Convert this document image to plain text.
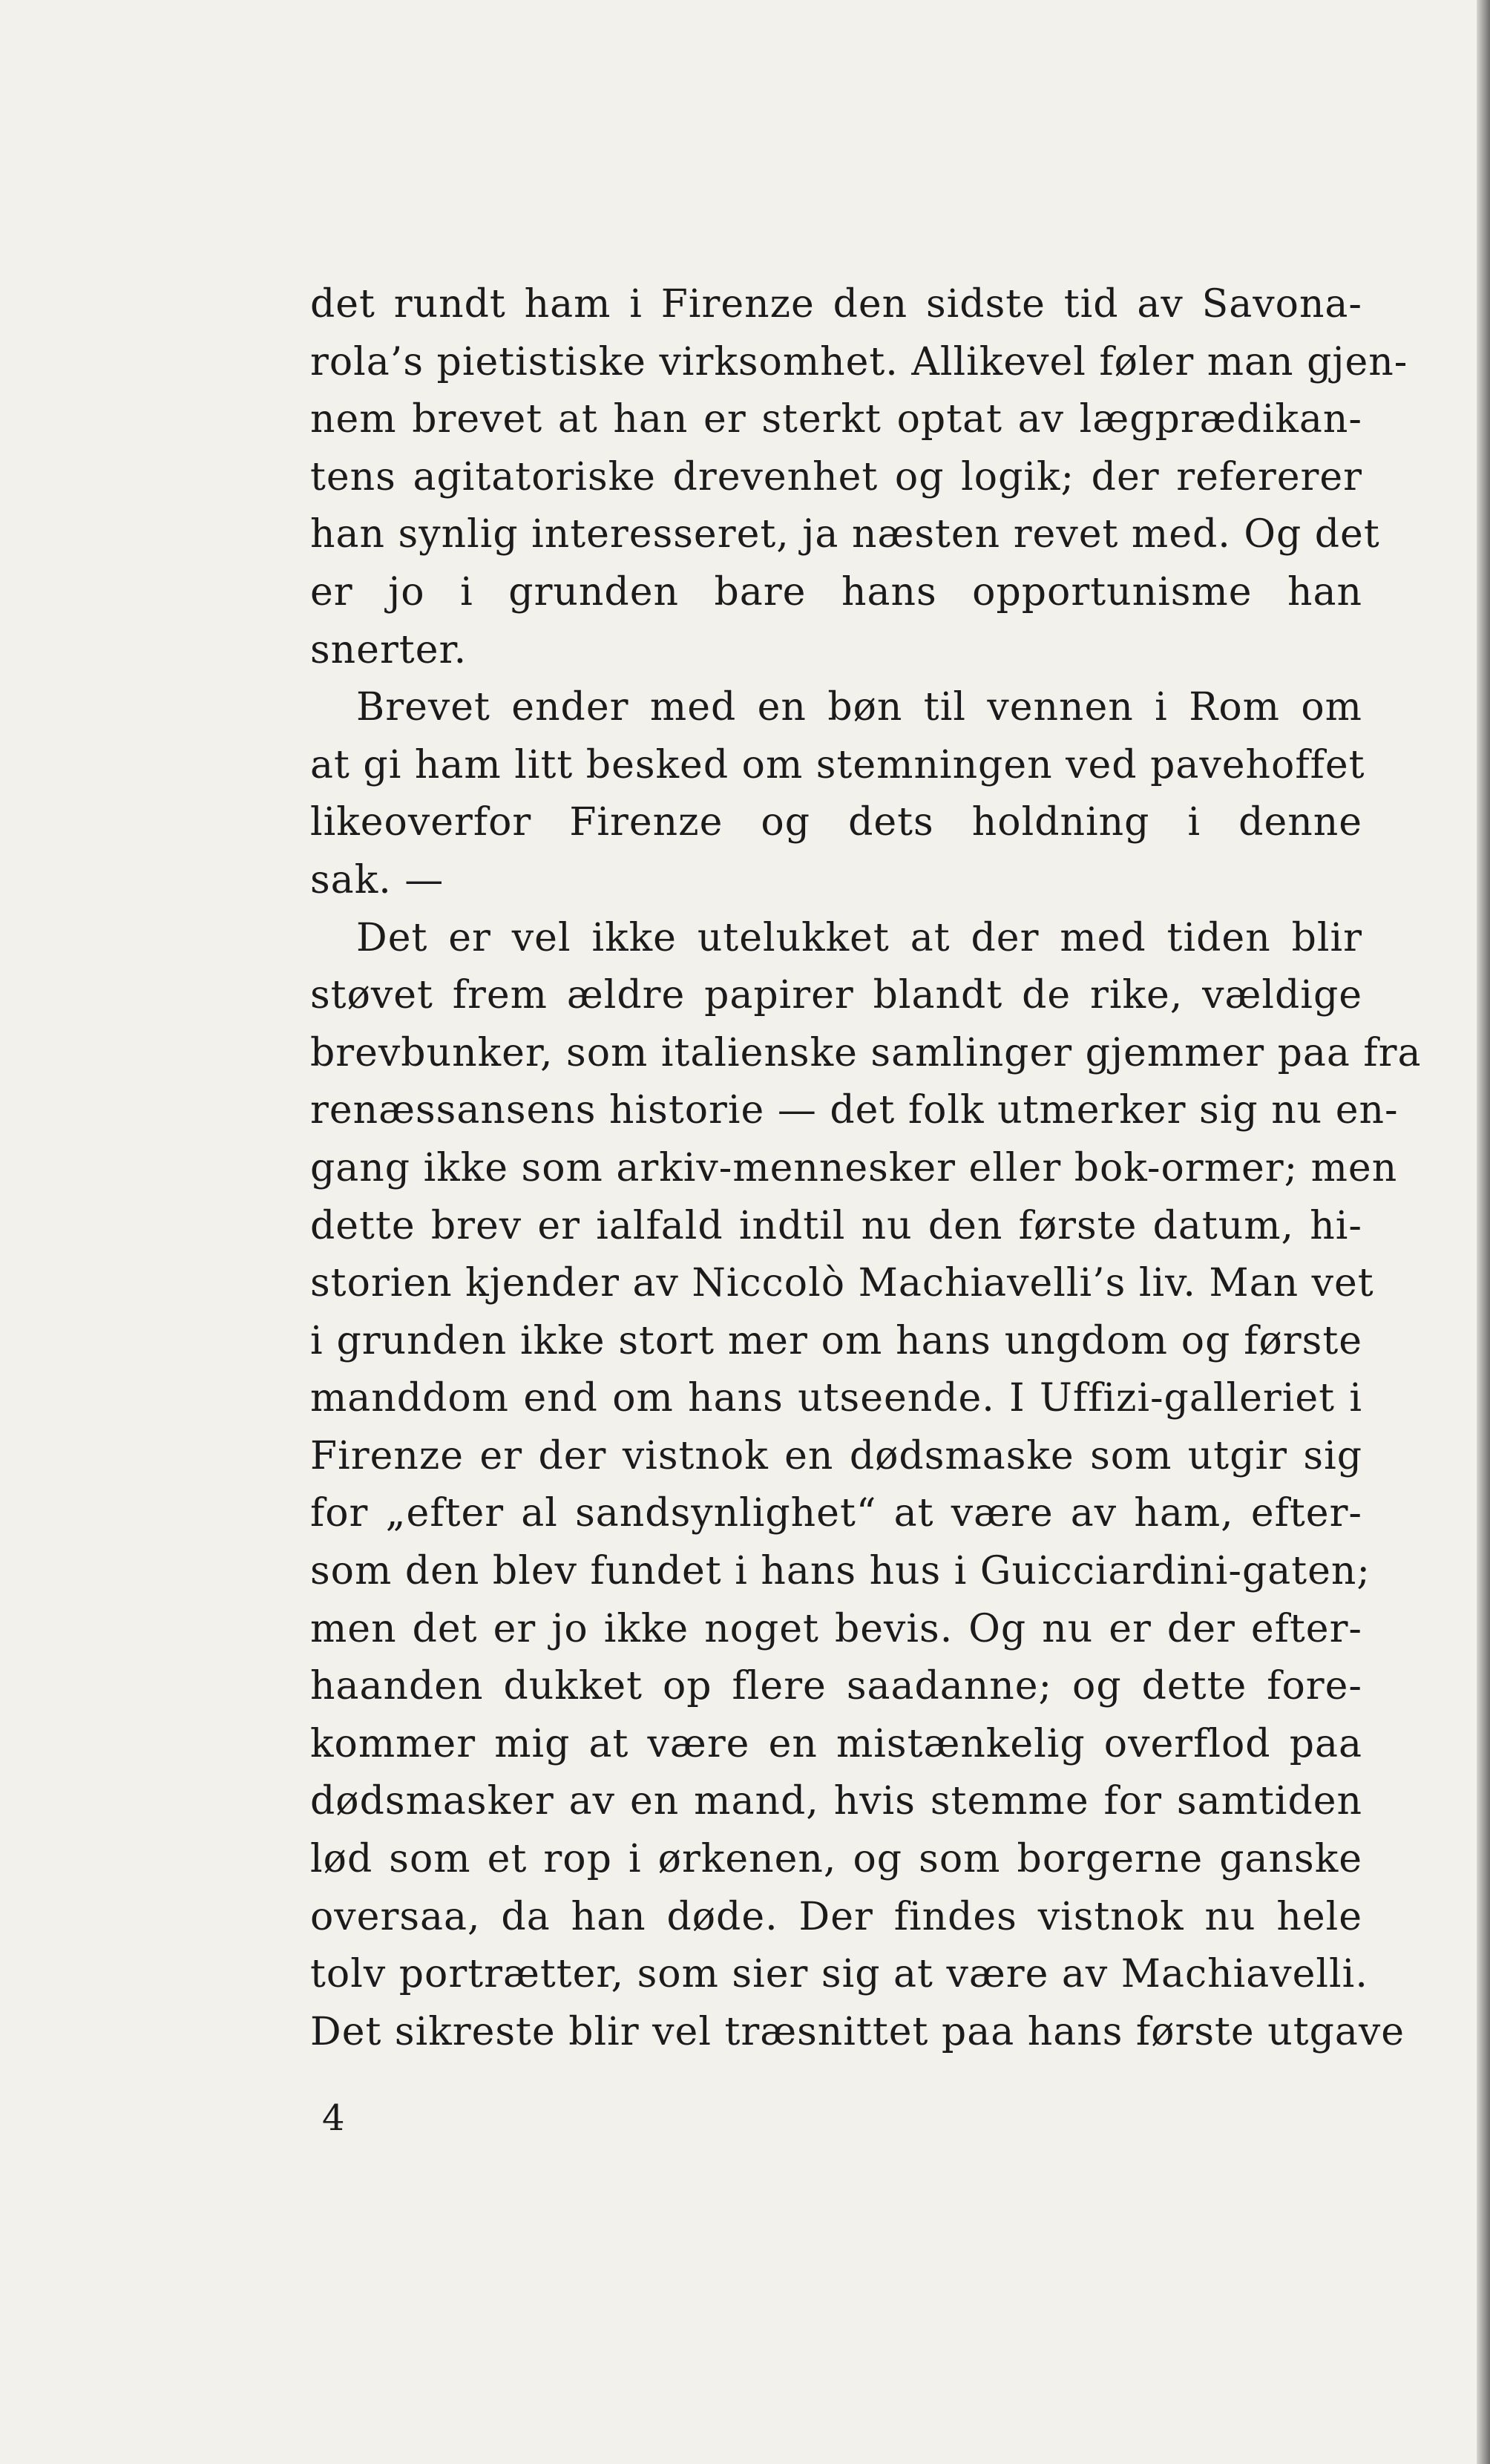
det rundt ham i Firenze den sidste tid av Savona-
rola’s pietistiske virksomhet. Allikevel føler man gjen-
nem brevet at han er sterkt optat av lægprædikan-
tens agitatoriske drevenhet og logik; der refererer
han synlig interesseret, ja næsten revet med. Og det
er jo i grunden bare hans opportunisme han
snerter.
Brevet ender med en bøn til vennen i Rom om
at gi ham litt besked om stemningen ved pavehoffet
likeoverfor Firenze og dets holdning i denne
sak. —
Det er vel ikke utelukket at der med tiden blir
støvet frem ældre papirer blandt de rike, vældige
brevbunker, som italienske samlinger gjemmer paa fra
renæssansens historie — det folk utmerker sig nu en-
gang ikke som arkiv-mennesker eller bok-ormer; men
dette brev er ialfald indtil nu den første datum, hi-
storien kjender av Niccolò Machiavelli’s liv. Man vet
i grunden ikke stort mer om hans ungdom og første
manddom end om hans utseende. I Uffizi-galleriet i
Firenze er der vistnok en dødsmaske som utgir sig
for „efter al sandsynlighet“ at være av ham, efter-
som den blev fundet i hans hus i Guicciardini-gaten;
men det er jo ikke noget bevis. Og nu er der efter-
haanden dukket op flere saadanne; og dette fore-
kommer mig at være en mistænkelig overflod paa
dødsmasker av en mand, hvis stemme for samtiden
lød som et rop i ørkenen, og som borgerne ganske
oversaa, da han døde. Der findes vistnok nu hele
tolv portrætter, som sier sig at være av Machiavelli.
Det sikreste blir vel træsnittet paa hans første utgave
4
